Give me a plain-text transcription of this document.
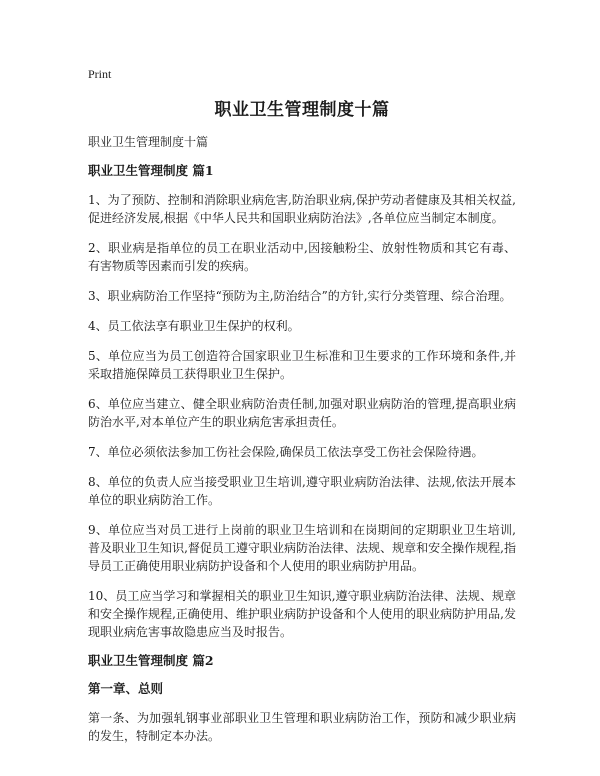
Print
职业卫生管理制度十篇

职业卫生管理制度十篇

职业卫生管理制度 篇1

1、为了预防、控制和消除职业病危害,防治职业病,保护劳动者健康及其相关权益,促进经济发展,根据《中华人民共和国职业病防治法》,各单位应当制定本制度。

2、职业病是指单位的员工在职业活动中,因接触粉尘、放射性物质和其它有毒、有害物质等因素而引发的疾病。

3、职业病防治工作坚持“预防为主,防治结合”的方针,实行分类管理、综合治理。

4、员工依法享有职业卫生保护的权利。

5、单位应当为员工创造符合国家职业卫生标准和卫生要求的工作环境和条件,并采取措施保障员工获得职业卫生保护。

6、单位应当建立、健全职业病防治责任制,加强对职业病防治的管理,提高职业病防治水平,对本单位产生的职业病危害承担责任。

7、单位必须依法参加工伤社会保险,确保员工依法享受工伤社会保险待遇。

8、单位的负责人应当接受职业卫生培训,遵守职业病防治法律、法规,依法开展本单位的职业病防治工作。

9、单位应当对员工进行上岗前的职业卫生培训和在岗期间的定期职业卫生培训,普及职业卫生知识,督促员工遵守职业病防治法律、法规、规章和安全操作规程,指导员工正确使用职业病防护设备和个人使用的职业病防护用品。

10、员工应当学习和掌握相关的职业卫生知识,遵守职业病防治法律、法规、规章和安全操作规程,正确使用、维护职业病防护设备和个人使用的职业病防护用品,发现职业病危害事故隐患应当及时报告。

职业卫生管理制度 篇2
第一章、总则

第一条、为加强轧钢事业部职业卫生管理和职业病防治工作，预防和减少职业病的发生，特制定本办法。
